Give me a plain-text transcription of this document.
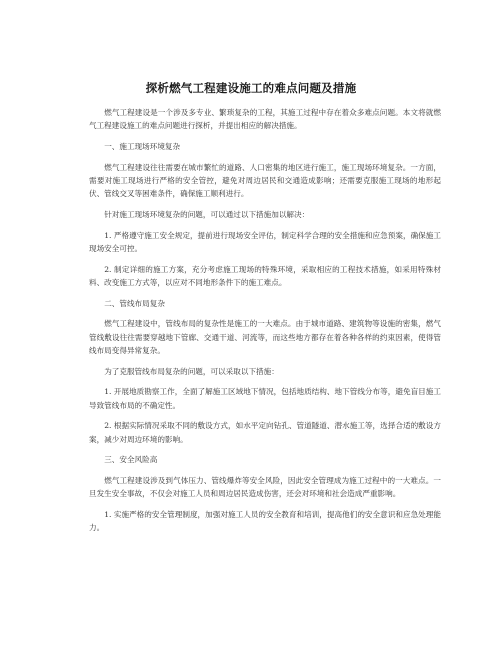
探析燃气工程建设施工的难点问题及措施

燃气工程建设是一个涉及多专业、繁琐复杂的工程，其施工过程中存在着众多难点问题。本文将就燃气工程建设施工的难点问题进行探析，并提出相应的解决措施。

一、施工现场环境复杂

燃气工程建设往往需要在城市繁忙的道路、人口密集的地区进行施工，施工现场环境复杂。一方面，需要对施工现场进行严格的安全管控，避免对周边居民和交通造成影响；还需要克服施工现场的地形起伏、管线交叉等困难条件，确保施工顺利进行。

针对施工现场环境复杂的问题，可以通过以下措施加以解决：

1. 严格遵守施工安全规定，提前进行现场安全评估，制定科学合理的安全措施和应急预案，确保施工现场安全可控。

2. 制定详细的施工方案，充分考虑施工现场的特殊环境，采取相应的工程技术措施，如采用特殊材料、改变施工方式等，以应对不同地形条件下的施工难点。

二、管线布局复杂

燃气工程建设中，管线布局的复杂性是施工的一大难点。由于城市道路、建筑物等设施的密集，燃气管线敷设往往需要穿越地下管廊、交通干道、河流等，而这些地方都存在着各种各样的约束因素，使得管线布局变得异常复杂。

为了克服管线布局复杂的问题，可以采取以下措施：

1. 开展地质勘察工作，全面了解施工区域地下情况，包括地质结构、地下管线分布等，避免盲目施工导致管线布局的不确定性。

2. 根据实际情况采取不同的敷设方式，如水平定向钻孔、管道隧道、潜水施工等，选择合适的敷设方案，减少对周边环境的影响。

三、安全风险高

燃气工程建设涉及到气体压力、管线爆炸等安全风险，因此安全管理成为施工过程中的一大难点。一旦发生安全事故，不仅会对施工人员和周边居民造成伤害，还会对环境和社会造成严重影响。

1. 实施严格的安全管理制度，加强对施工人员的安全教育和培训，提高他们的安全意识和应急处理能力。
